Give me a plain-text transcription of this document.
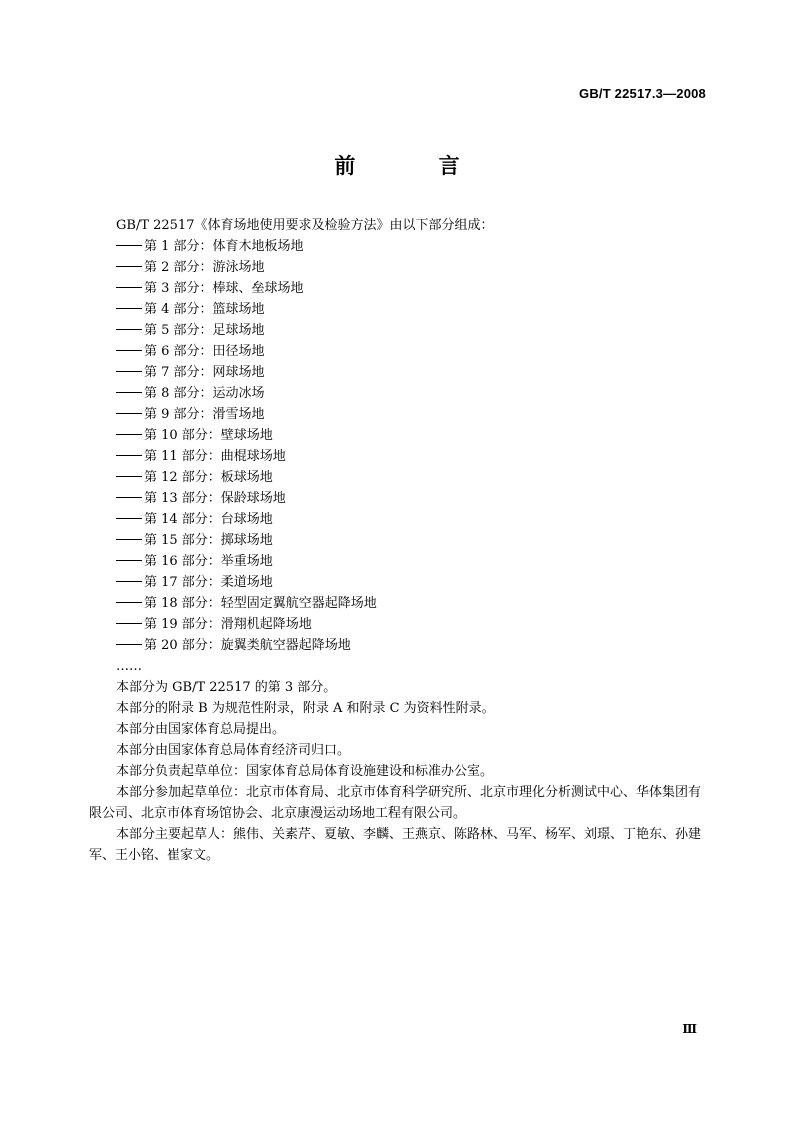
GB/T 22517.3—2008
前 言

GB/T 22517《体育场地使用要求及检验方法》由以下部分组成：

第 1 部分：体育木地板场地

第 2 部分：游泳场地

第 3 部分：棒球、垒球场地

第 4 部分：篮球场地

第 5 部分：足球场地

第 6 部分：田径场地

第 7 部分：网球场地

第 8 部分：运动冰场

第 9 部分：滑雪场地

第 10 部分：壁球场地

第 11 部分：曲棍球场地

第 12 部分：板球场地

第 13 部分：保龄球场地

第 14 部分：台球场地

第 15 部分：掷球场地

第 16 部分：举重场地

第 17 部分：柔道场地

第 18 部分：轻型固定翼航空器起降场地

第 19 部分：滑翔机起降场地

第 20 部分：旋翼类航空器起降场地

……

本部分为 GB/T 22517 的第 3 部分。

本部分的附录 B 为规范性附录，附录 A 和附录 C 为资料性附录。

本部分由国家体育总局提出。

本部分由国家体育总局体育经济司归口。

本部分负责起草单位：国家体育总局体育设施建设和标准办公室。

本部分参加起草单位：北京市体育局、北京市体育科学研究所、北京市理化分析测试中心、华体集团有限公司、北京市体育场馆协会、北京康漫运动场地工程有限公司。

本部分主要起草人：熊伟、关素芹、夏敏、李麟、王燕京、陈路林、马军、杨军、刘璟、丁艳东、孙建军、王小铭、崔家文。

Ⅲ
